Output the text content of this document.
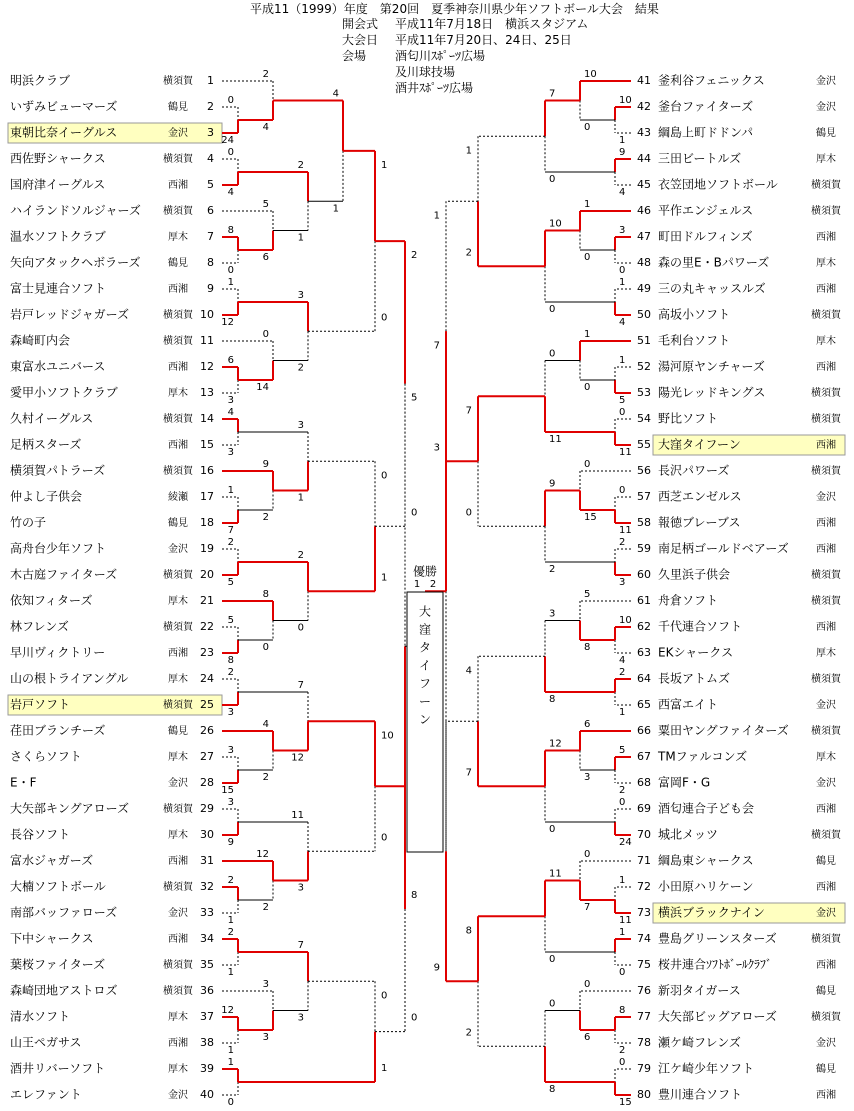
平成11（1999）年度　第20回　夏季神奈川県少年ソフトボール大会　結果
開会式 平成11年7月18日　横浜スタジアム
大会日 平成11年7月20日、24日、25日
会場 酒匂川ｽﾎﾟｰﾂ広場
及川球技場
酒井ｽﾎﾟｰﾂ広場
明浜クラブ	横須賀 1
いずみビューマーズ	鶴見 2
東朝比奈イーグルス	金沢 3
西佐野シャークス	横須賀 4
国府津イーグルス	西湘 5
ハイランドソルジャーズ 横須賀 6
温水ソフトクラブ	厚木 7
矢向アタックヘボラーズ	鶴見 8
富士見連合ソフト	西湘 9
岩戸レッドジャガーズ	横須賀 10
森崎町内会	横須賀 11
東富水ユニバース	西湘 12
愛甲小ソフトクラブ	厚木 13
久村イーグルス	横須賀 14
足柄スターズ	西湘 15
横須賀パトラーズ	横須賀 16
仲よし子供会	綾瀬 17
竹の子	鶴見 18
高舟台少年ソフト	金沢 19
木古庭ファイターズ	横須賀 20
依知フィターズ	厚木 21
林フレンズ	横須賀 22
早川ヴィクトリー	西湘 23
山の根トライアングル	厚木 24
岩戸ソフト	横須賀 25
荏田ブランチーズ	鶴見 26
さくらソフト	厚木 27
E・F	金沢 28
大矢部キングアローズ	横須賀 29
長谷ソフト	厚木 30
富水ジャガーズ	西湘 31
大楠ソフトボール	横須賀 32
南部バッファローズ	金沢 33
下中シャークス	西湘 34
葉桜ファイターズ	横須賀 35
森崎団地アストロズ	横須賀 36
清水ソフト	厚木 37
山王ペガサス	西湘 38
酒井リバーソフト	厚木 39
エレファント	金沢 40
41 釜利谷フェニックス	金沢
42 釜台ファイターズ	金沢
43 綱島上町ドドンパ	鶴見
44 三田ビートルズ	厚木
45 衣笠団地ソフトボール	横須賀
46 平作エンジェルス	横須賀
47 町田ドルフィンズ	西湘
48 森の里E・Bパワーズ	厚木
49 三の丸キャッスルズ	西湘
50 高坂小ソフト	横須賀
51 毛利台ソフト	厚木
52 湯河原ヤンチャーズ	西湘
53 陽光レッドキングス	横須賀
54 野比ソフト	横須賀
55 大窪タイフーン	西湘
56 長沢パワーズ	横須賀
57 西芝エンゼルス	金沢
58 報徳ブレーブス	西湘
59 南足柄ゴールドベアーズ	西湘
60 久里浜子供会	横須賀
61 舟倉ソフト	横須賀
62 千代連合ソフト	西湘
63 EKシャークス	厚木
64 長坂アトムズ	横須賀
65 西富エイト	金沢
66 粟田ヤングファイターズ 横須賀
67 TMファルコンズ	厚木
68 富岡F・G	金沢
69 酒匂連合子ども会	西湘
70 城北メッツ	横須賀
71 綱島東シャークス	鶴見
72 小田原ハリケーン	西湘
73 横浜ブラックナイン	金沢
74 豊島グリーンスターズ	横須賀
75 桜井連合ｿﾌﾄﾎﾞｰﾙｸﾗﾌﾞ	西湘
76 新羽タイガース	鶴見
77 大矢部ビッグアローズ	横須賀
78 瀬ケ崎フレンズ	金沢
79 江ケ崎少年ソフト	鶴見
80 豊川連合ソフト	西湘
0
24
2
4
0
4
8
0
5
6
2
1
4
1
1
12
6
3
0
14
3
2
4
3
1
7
9
2
3
1
2
5
5
8
8
0
2
0
2
3
3
15
4
2
7
12
3
9
2
1
12
2
11
3
2
1
12
1
3
3
7
3
1
0
10
1
10
0
9
4
7
0
3
0
1
0
1
4
10
0
1
5
1
0
0
11
0
11
0
11
0
15
2
3
9
2
10
4
5
8
2
1
3
8
5
2
6
3
0
24
12
0
1
11
0
7
1
0
11
0
8
2
0
6
0
15
0
8
1
0
0
1
10
0
0
1
2
0
0
1
2
7
0
4
7
8
2
1
3
9
5
8
7
優勝
1 2
大
窪
タ
イ
フ
ー
ン
